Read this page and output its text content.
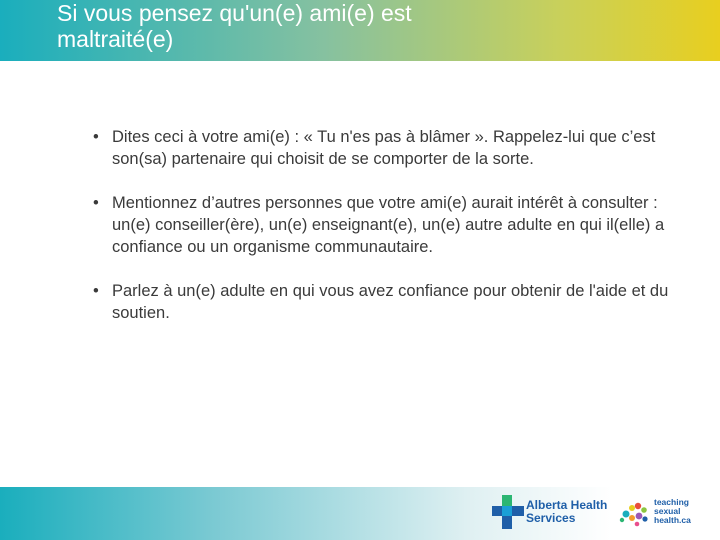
Si vous pensez qu'un(e) ami(e) est
maltraité(e)

• Dites ceci à votre ami(e) : « Tu n'es pas à blâmer ». Rappelez-lui que c’est son(sa) partenaire qui choisit de se comporter de la sorte.

• Mentionnez d’autres personnes que votre ami(e) aurait intérêt à consulter : un(e) conseiller(ère), un(e) enseignant(e), un(e) autre adulte en qui il(elle) a confiance ou un organisme communautaire.

• Parlez à un(e) adulte en qui vous avez confiance pour obtenir de l'aide et du soutien.

Alberta Health
Services
teaching
sexual
health.ca
